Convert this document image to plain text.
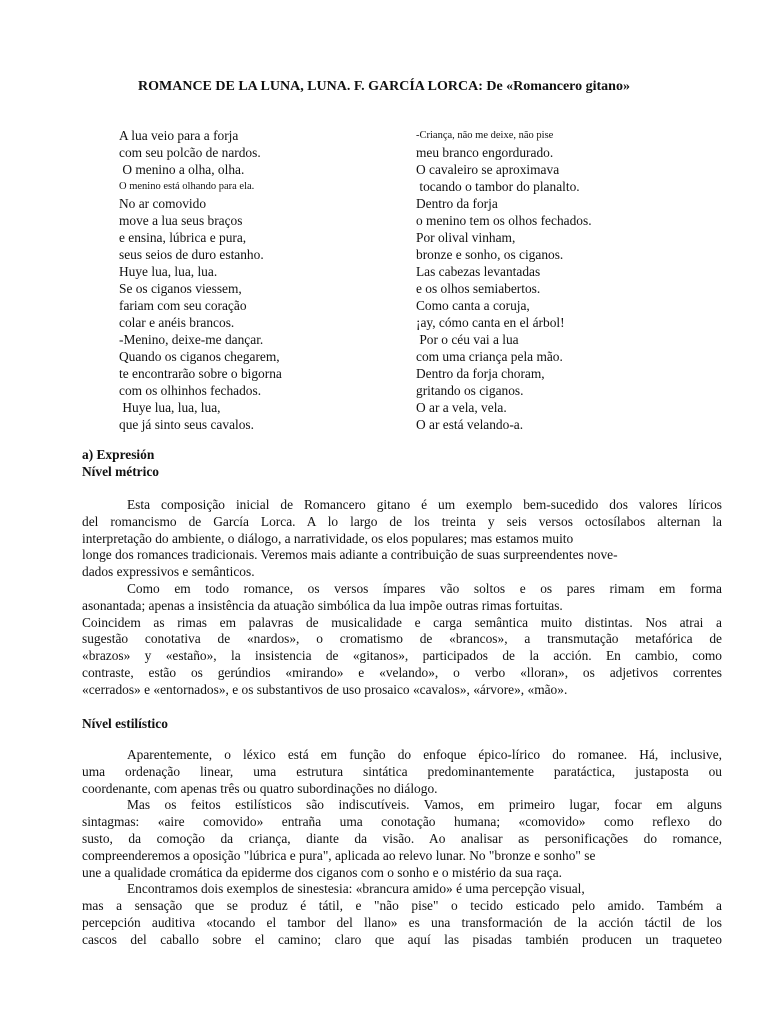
ROMANCE DE LA LUNA, LUNA. F. GARCÍA LORCA: De «Romancero gitano»
A lua veio para a forja
com seu polcão de nardos.
O menino a olha, olha.
O menino está olhando para ela.
No ar comovido
move a lua seus braços
e ensina, lúbrica e pura,
seus seios de duro estanho.
Huye lua, lua, lua.
Se os ciganos viessem,
fariam com seu coração
colar e anéis brancos.
-Menino, deixe-me dançar.
Quando os ciganos chegarem,
te encontrarão sobre o bigorna
com os olhinhos fechados.
Huye lua, lua, lua,
que já sinto seus cavalos.
-Criança, não me deixe, não pise
meu branco engordurado.
O cavaleiro se aproximava
tocando o tambor do planalto.
Dentro da forja
o menino tem os olhos fechados.
Por olival vinham,
bronze e sonho, os ciganos.
Las cabezas levantadas
e os olhos semiabertos.
Como canta a coruja,
¡ay, cómo canta en el árbol!
Por o céu vai a lua
com uma criança pela mão.
Dentro da forja choram,
gritando os ciganos.
O ar a vela, vela.
O ar está velando-a.
a) Expresión
Nível métrico
Esta composição inicial de Romancero gitano é um exemplo bem-sucedido dos valores líricos
del romancismo de García Lorca. A lo largo de los treinta y seis versos octosílabos alternan la
interpretação do ambiente, o diálogo, a narratividade, os elos populares; mas estamos muito
longe dos romances tradicionais. Veremos mais adiante a contribuição de suas surpreendentes nove-
dados expressivos e semânticos.
Como em todo romance, os versos ímpares vão soltos e os pares rimam em forma
asonantada; apenas a insistência da atuação simbólica da lua impõe outras rimas fortuitas.
Coincidem as rimas em palavras de musicalidade e carga semântica muito distintas. Nos atrai a
sugestão conotativa de «nardos», o cromatismo de «brancos», a transmutação metafórica de
«brazos» y «estaño», la insistencia de «gitanos», participados de la acción. En cambio, como
contraste, estão os gerúndios «mirando» e «velando», o verbo «lloran», os adjetivos correntes
«cerrados» e «entornados», e os substantivos de uso prosaico «cavalos», «árvore», «mão».
Nível estilístico
Aparentemente, o léxico está em função do enfoque épico-lírico do romanee. Há, inclusive,
uma ordenação linear, uma estrutura sintática predominantemente paratáctica, justaposta ou
coordenante, com apenas três ou quatro subordinações no diálogo.
Mas os feitos estilísticos são indiscutíveis. Vamos, em primeiro lugar, focar em alguns
sintagmas: «aire comovido» entraña uma conotação humana; «comovido» como reflexo do
susto, da comoção da criança, diante da visão. Ao analisar as personificações do romance,
compreenderemos a oposição "lúbrica e pura", aplicada ao relevo lunar. No "bronze e sonho" se
une a qualidade cromática da epiderme dos ciganos com o sonho e o mistério da sua raça.
Encontramos dois exemplos de sinestesia: «brancura amido» é uma percepção visual,
mas a sensação que se produz é tátil, e "não pise" o tecido esticado pelo amido. Também a
percepción auditiva «tocando el tambor del llano» es una transformación de la acción táctil de los
cascos del caballo sobre el camino; claro que aquí las pisadas también producen un traqueteo
